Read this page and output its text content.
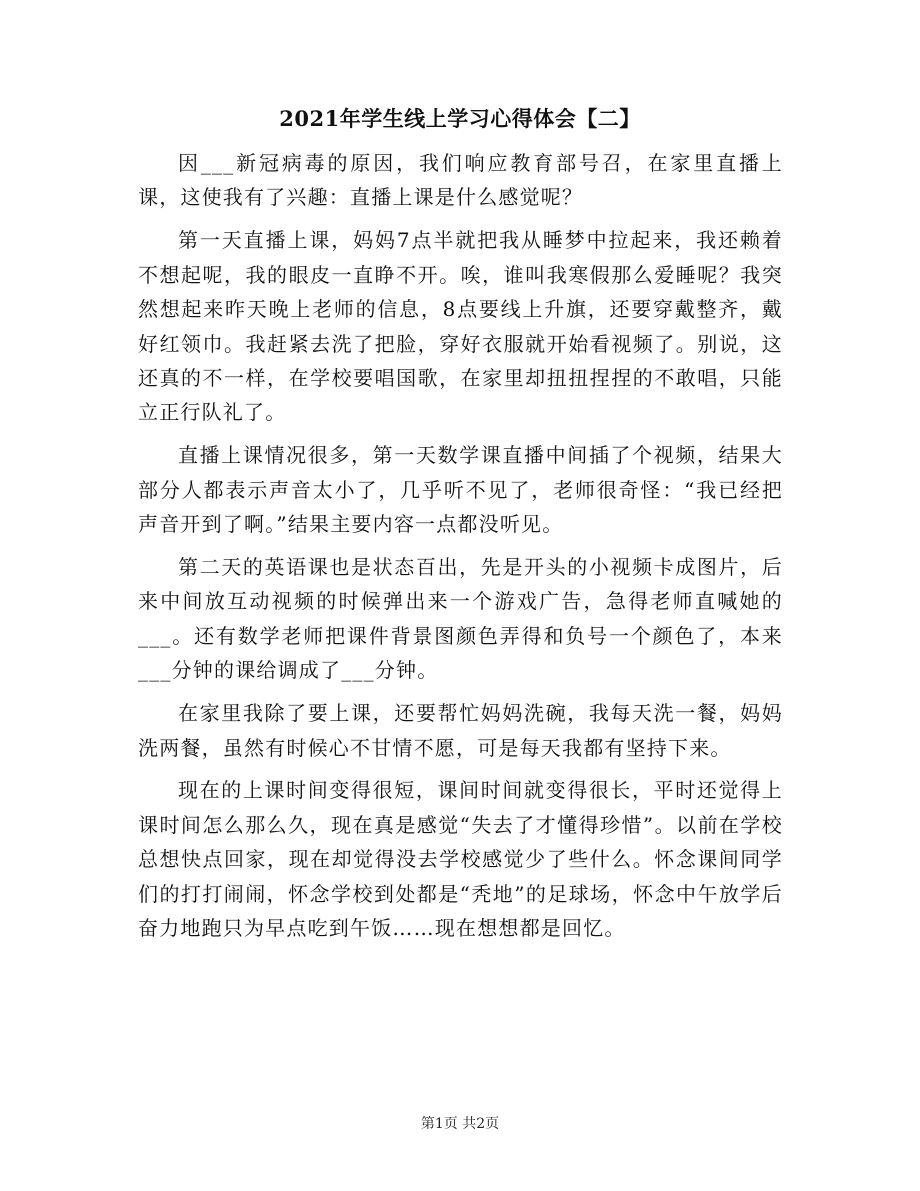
2021年学生线上学习心得体会【二】

因___新冠病毒的原因，我们响应教育部号召，在家里直播上课，这使我有了兴趣：直播上课是什么感觉呢？

第一天直播上课，妈妈7点半就把我从睡梦中拉起来，我还赖着不想起呢，我的眼皮一直睁不开。唉，谁叫我寒假那么爱睡呢？我突然想起来昨天晚上老师的信息，8点要线上升旗，还要穿戴整齐，戴好红领巾。我赶紧去洗了把脸，穿好衣服就开始看视频了。别说，这还真的不一样，在学校要唱国歌，在家里却扭扭捏捏的不敢唱，只能立正行队礼了。

直播上课情况很多，第一天数学课直播中间插了个视频，结果大部分人都表示声音太小了，几乎听不见了，老师很奇怪：“我已经把声音开到了啊。”结果主要内容一点都没听见。

第二天的英语课也是状态百出，先是开头的小视频卡成图片，后来中间放互动视频的时候弹出来一个游戏广告，急得老师直喊她的___。还有数学老师把课件背景图颜色弄得和负号一个颜色了，本来___分钟的课给调成了___分钟。

在家里我除了要上课，还要帮忙妈妈洗碗，我每天洗一餐，妈妈洗两餐，虽然有时候心不甘情不愿，可是每天我都有坚持下来。

现在的上课时间变得很短，课间时间就变得很长，平时还觉得上课时间怎么那么久，现在真是感觉“失去了才懂得珍惜”。以前在学校总想快点回家，现在却觉得没去学校感觉少了些什么。怀念课间同学们的打打闹闹，怀念学校到处都是“秃地”的足球场，怀念中午放学后奋力地跑只为早点吃到午饭……现在想想都是回忆。

第1页 共2页
